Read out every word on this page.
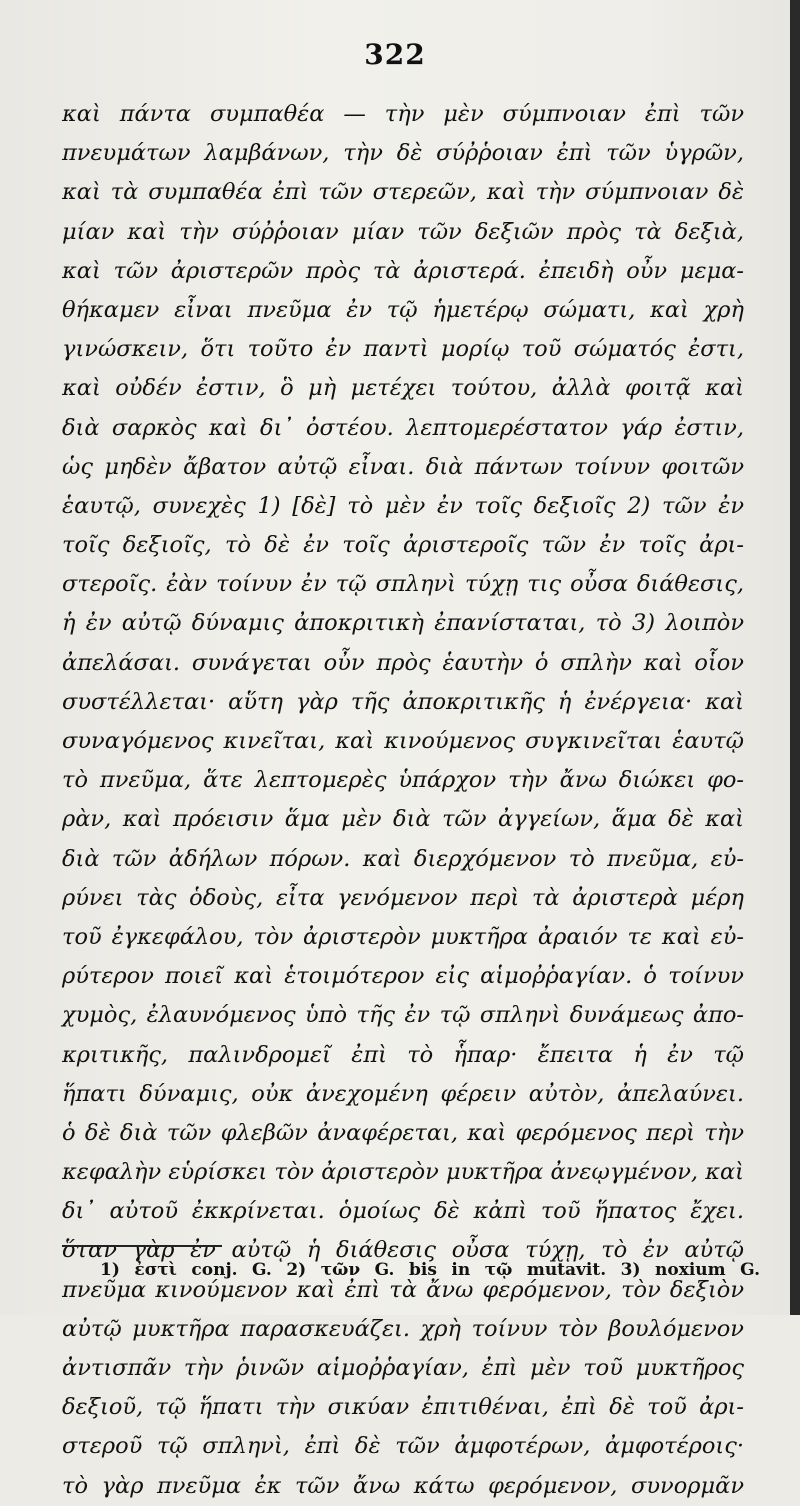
322
καὶ πάντα συμπαθέα — τὴν μὲν σύμπνοιαν ἐπὶ τῶν
πνευμάτων λαμβάνων, τὴν δὲ σύῤῥοιαν ἐπὶ τῶν ὑγρῶν,
καὶ τὰ συμπαθέα ἐπὶ τῶν στερεῶν, καὶ τὴν σύμπνοιαν δὲ
μίαν καὶ τὴν σύῤῥοιαν μίαν τῶν δεξιῶν πρὸς τὰ δεξιὰ,
καὶ τῶν ἀριστερῶν πρὸς τὰ ἀριστερά. ἐπειδὴ οὖν μεμα-
θήκαμεν εἶναι πνεῦμα ἐν τῷ ἡμετέρῳ σώματι, καὶ χρὴ
γινώσκειν, ὅτι τοῦτο ἐν παντὶ μορίῳ τοῦ σώματός ἐστι,
καὶ οὐδέν ἐστιν, ὃ μὴ μετέχει τούτου, ἀλλὰ φοιτᾷ καὶ
διὰ σαρκὸς καὶ δι᾽ ὀστέου. λεπτομερέστατον γάρ ἐστιν,
ὡς μηδὲν ἄβατον αὐτῷ εἶναι. διὰ πάντων τοίνυν φοιτῶν
ἑαυτῷ, συνεχὲς 1) [δὲ] τὸ μὲν ἐν τοῖς δεξιοῖς 2) τῶν ἐν
τοῖς δεξιοῖς, τὸ δὲ ἐν τοῖς ἀριστεροῖς τῶν ἐν τοῖς ἀρι-
στεροῖς. ἐὰν τοίνυν ἐν τῷ σπληνὶ τύχῃ τις οὖσα διάθεσις,
ἡ ἐν αὐτῷ δύναμις ἀποκριτικὴ ἐπανίσταται, τὸ 3) λοιπὸν
ἀπελάσαι. συνάγεται οὖν πρὸς ἑαυτὴν ὁ σπλὴν καὶ οἷον
συστέλλεται· αὕτη γὰρ τῆς ἀποκριτικῆς ἡ ἐνέργεια· καὶ
συναγόμενος κινεῖται, καὶ κινούμενος συγκινεῖται ἑαυτῷ
τὸ πνεῦμα, ἅτε λεπτομερὲς ὑπάρχον τὴν ἄνω διώκει φο-
ρὰν, καὶ πρόεισιν ἅμα μὲν διὰ τῶν ἀγγείων, ἅμα δὲ καὶ
διὰ τῶν ἀδήλων πόρων. καὶ διερχόμενον τὸ πνεῦμα, εὐ-
ρύνει τὰς ὁδοὺς, εἶτα γενόμενον περὶ τὰ ἀριστερὰ μέρη
τοῦ ἐγκεφάλου, τὸν ἀριστερὸν μυκτῆρα ἀραιόν τε καὶ εὐ-
ρύτερον ποιεῖ καὶ ἑτοιμότερον εἰς αἱμοῤῥαγίαν. ὁ τοίνυν
χυμὸς, ἐλαυνόμενος ὑπὸ τῆς ἐν τῷ σπληνὶ δυνάμεως ἀπο-
κριτικῆς, παλινδρομεῖ ἐπὶ τὸ ἧπαρ· ἔπειτα ἡ ἐν τῷ
ἥπατι δύναμις, οὐκ ἀνεχομένη φέρειν αὐτὸν, ἀπελαύνει.
ὁ δὲ διὰ τῶν φλεβῶν ἀναφέρεται, καὶ φερόμενος περὶ τὴν
κεφαλὴν εὑρίσκει τὸν ἀριστερὸν μυκτῆρα ἀνεῳγμένον, καὶ
δι᾽ αὐτοῦ ἐκκρίνεται. ὁμοίως δὲ κἀπὶ τοῦ ἥπατος ἔχει.
ὅταν γὰρ ἐν αὐτῷ ἡ διάθεσις οὖσα τύχῃ, τὸ ἐν αὐτῷ
πνεῦμα κινούμενον καὶ ἐπὶ τὰ ἄνω φερόμενον, τὸν δεξιὸν
αὐτῷ μυκτῆρα παρασκευάζει. χρὴ τοίνυν τὸν βουλόμενον
ἀντισπᾶν τὴν ῥινῶν αἱμοῤῥαγίαν, ἐπὶ μὲν τοῦ μυκτῆρος
δεξιοῦ, τῷ ἥπατι τὴν σικύαν ἐπιτιθέναι, ἐπὶ δὲ τοῦ ἀρι-
στεροῦ τῷ σπληνὶ, ἐπὶ δὲ τῶν ἀμφοτέρων, ἀμφοτέροις·
τὸ γὰρ πνεῦμα ἐκ τῶν ἄνω κάτω φερόμενον, συνορμᾶν
1) ἐστὶ conj. G. 2) τῶν G. bis in τῷ mutavit. 3) noxium G.
